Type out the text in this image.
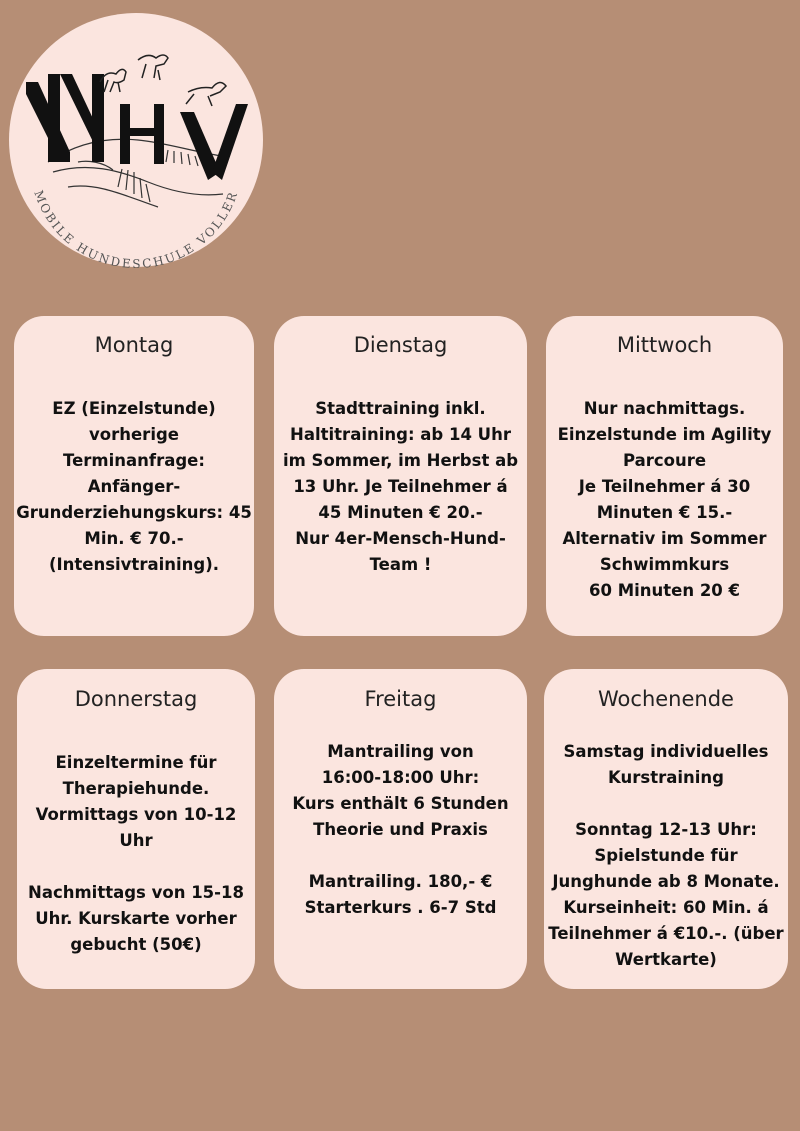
MOBILE HUNDESCHULE VOLLER
Montag
EZ (Einzelstunde)
vorherige
Terminanfrage:
Anfänger-
Grunderziehungskurs: 45
Min. € 70.-
(Intensivtraining).
Dienstag
Stadttraining inkl.
Haltitraining: ab 14 Uhr
im Sommer, im Herbst ab
13 Uhr. Je Teilnehmer á
45 Minuten € 20.-
Nur 4er-Mensch-Hund-
Team !
Mittwoch
Nur nachmittags.
Einzelstunde im Agility
Parcoure
Je Teilnehmer á 30
Minuten € 15.-
Alternativ im Sommer
Schwimmkurs
60 Minuten 20 €
Donnerstag
Einzeltermine für
Therapiehunde.
Vormittags von 10-12
Uhr

Nachmittags von 15-18
Uhr. Kurskarte vorher
gebucht (50€)
Freitag
Mantrailing von
16:00-18:00 Uhr:
Kurs enthält 6 Stunden
Theorie und Praxis

Mantrailing. 180,- €
Starterkurs . 6-7 Std
Wochenende
Samstag individuelles
Kurstraining

Sonntag 12-13 Uhr:
Spielstunde für
Junghunde ab 8 Monate.
Kurseinheit: 60 Min. á
Teilnehmer á €10.-. (über
Wertkarte)
